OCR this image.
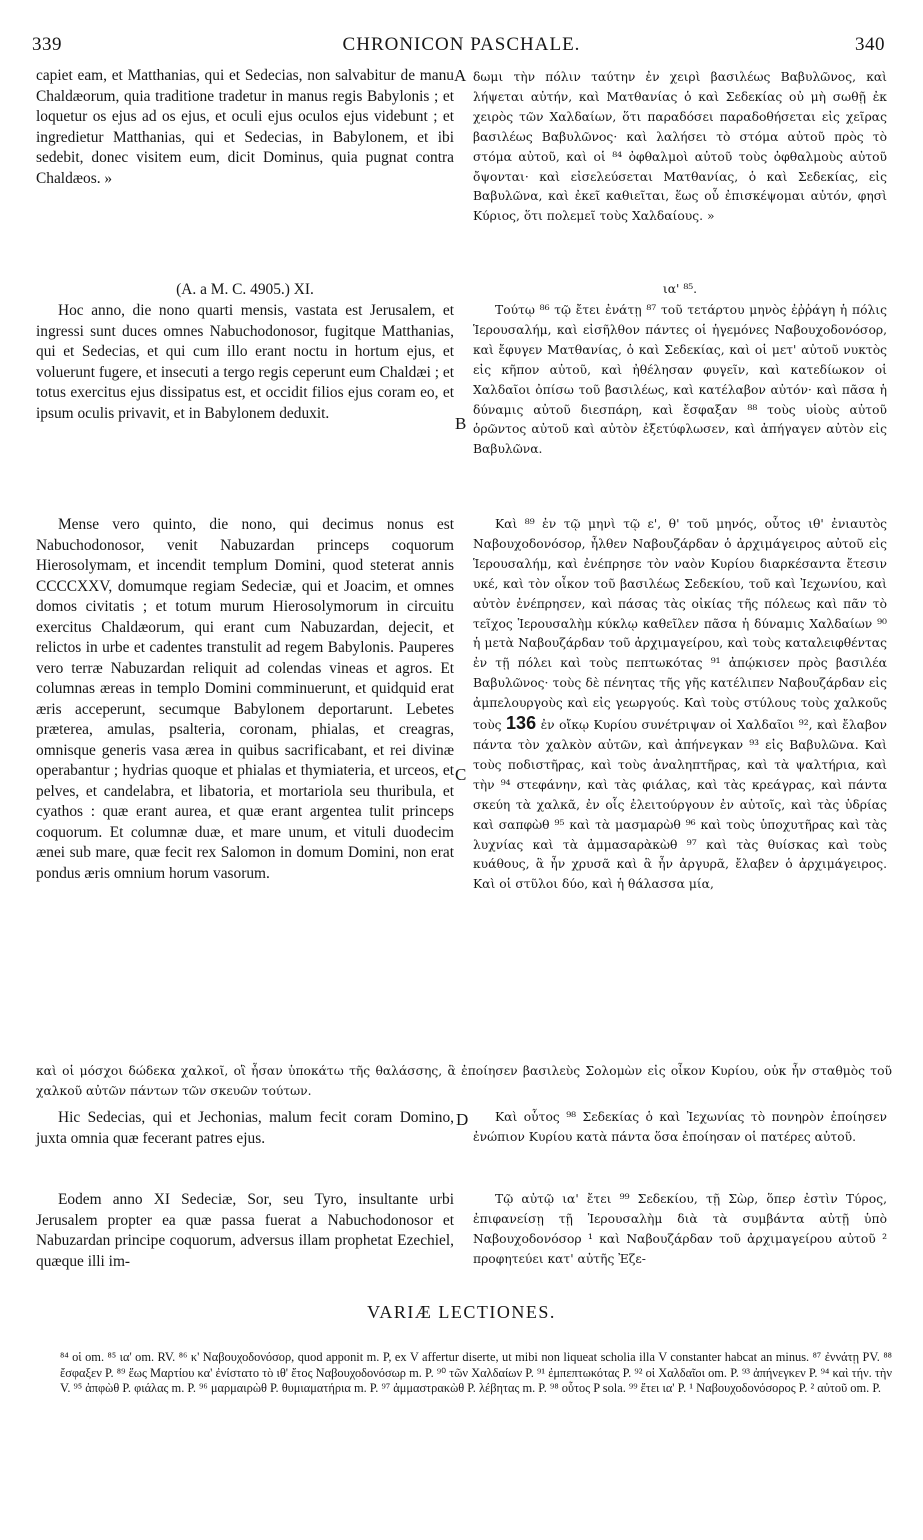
339	CHRONICON PASCHALE.	340

capiet eam, et Matthanias, qui et Sedecias, non salvabitur de manu Chaldæorum, quia traditione tradetur in manus regis Babylonis ; et loquetur os ejus ad os ejus, et oculi ejus oculos ejus videbunt ; et ingredietur Matthanias, qui et Sedecias, in Babylonem, et ibi sedebit, donec visitem eum, dicit Dominus, quia pugnat contra Chaldæos. »

A δωμι τὴν πόλιν ταύτην ἐν χειρὶ βασιλέως Βαβυλῶνος, καὶ λήψεται αὐτήν, καὶ Ματθανίας ὁ καὶ Σεδεκίας οὐ μὴ σωθῇ ἐκ χειρὸς τῶν Χαλδαίων, ὅτι παραδόσει παραδοθήσεται εἰς χεῖρας βασιλέως Βαβυλῶνος· καὶ λαλήσει τὸ στόμα αὐτοῦ πρὸς τὸ στόμα αὐτοῦ, καὶ οἱ ⁸⁴ ὀφθαλμοὶ αὐτοῦ τοὺς ὀφθαλμοὺς αὐτοῦ ὄψονται· καὶ εἰσελεύσεται Ματθανίας, ὁ καὶ Σεδεκίας, εἰς Βαβυλῶνα, καὶ ἐκεῖ καθιεῖται, ἕως οὗ ἐπισκέψομαι αὐτόν, φησὶ Κύριος, ὅτι πολεμεῖ τοὺς Χαλδαίους. »

(A. a M. C. 4905.) XI.	ια' ⁸⁵.

Hoc anno, die nono quarti mensis, vastata est Jerusalem, et ingressi sunt duces omnes Nabuchodonosor, fugitque Matthanias, qui et Sedecias, et qui cum illo erant noctu in hortum ejus, et voluerunt fugere, et insecuti a tergo regis ceperunt eum Chaldæi ; et totus exercitus ejus dissipatus est, et occidit filios ejus coram eo, et ipsum oculis privavit, et in Babylonem deduxit.

B

Τούτῳ ⁸⁶ τῷ ἔτει ἐνάτῃ ⁸⁷ τοῦ τετάρτου μηνὸς ἐῤῥάγη ἡ πόλις Ἱερουσαλήμ, καὶ εἰσῆλθον πάντες οἱ ἡγεμόνες Ναβουχοδονόσορ, καὶ ἔφυγεν Ματθανίας, ὁ καὶ Σεδεκίας, καὶ οἱ μετ' αὐτοῦ νυκτὸς εἰς κῆπον αὐτοῦ, καὶ ἠθέλησαν φυγεῖν, καὶ κατεδίωκον οἱ Χαλδαῖοι ὀπίσω τοῦ βασιλέως, καὶ κατέλαβον αὐτόν· καὶ πᾶσα ἡ δύναμις αὐτοῦ διεσπάρη, καὶ ἔσφαξαν ⁸⁸ τοὺς υἱοὺς αὐτοῦ ὁρῶντος αὐτοῦ καὶ αὐτὸν ἐξετύφλωσεν, καὶ ἀπήγαγεν αὐτὸν εἰς Βαβυλῶνα.

Mense vero quinto, die nono, qui decimus nonus est Nabuchodonosor, venit Nabuzardan princeps coquorum Hierosolymam, et incendit templum Domini, quod steterat annis CCCCXXV, domumque regiam Sedeciæ, qui et Joacim, et omnes domos civitatis ; et totum murum Hierosolymorum in circuitu exercitus Chaldæorum, qui erant cum Nabuzardan, dejecit, et relictos in urbe et cadentes transtulit ad regem Babylonis. Pauperes vero terræ Nabuzardan reliquit ad colendas vineas et agros. Et columnas æreas in templo Domini comminuerunt, et quidquid erat æris acceperunt, secumque Babylonem deportarunt. Lebetes præterea, amulas, psalteria, coronam, phialas, et creagras, omnisque generis vasa ærea in quibus sacrificabant, et rei divinæ operabantur ; hydrias quoque et phialas et thymiateria, et urceos, et pelves, et candelabra, et libatoria, et mortariola seu thuribula, et cyathos : quæ erant aurea, et quæ erant argentea tulit princeps coquorum. Et columnæ duæ, et mare unum, et vituli duodecim ænei sub mare, quæ fecit rex Salomon in domum Domini, non erat pondus æris omnium horum vasorum.

C

Καὶ ⁸⁹ ἐν τῷ μηνὶ τῷ ε', θ' τοῦ μηνός, οὗτος ιθ' ἐνιαυτὸς Ναβουχοδονόσορ, ἦλθεν Ναβουζάρδαν ὁ ἀρχιμάγειρος αὐτοῦ εἰς Ἱερουσαλήμ, καὶ ἐνέπρησε τὸν ναὸν Κυρίου διαρκέσαντα ἔτεσιν υκέ, καὶ τὸν οἶκον τοῦ βασιλέως Σεδεκίου, τοῦ καὶ Ἰεχωνίου, καὶ αὐτὸν ἐνέπρησεν, καὶ πάσας τὰς οἰκίας τῆς πόλεως καὶ πᾶν τὸ τεῖχος Ἱερουσαλὴμ κύκλῳ καθεῖλεν πᾶσα ἡ δύναμις Χαλδαίων ⁹⁰ ἡ μετὰ Ναβουζάρδαν τοῦ ἀρχιμαγείρου, καὶ τοὺς καταλειφθέντας ἐν τῇ πόλει καὶ τοὺς πεπτωκότας ⁹¹ ἀπῴκισεν πρὸς βασιλέα Βαβυλῶνος· τοὺς δὲ πένητας τῆς γῆς κατέλιπεν Ναβουζάρδαν εἰς ἀμπελουργοὺς καὶ εἰς γεωργούς. Καὶ τοὺς στύλους τοὺς χαλκοῦς τοὺς 136 ἐν οἴκῳ Κυρίου συνέτριψαν οἱ Χαλδαῖοι ⁹², καὶ ἔλαβον πάντα τὸν χαλκὸν αὐτῶν, καὶ ἀπήνεγκαν ⁹³ εἰς Βαβυλῶνα. Καὶ τοὺς ποδιστῆρας, καὶ τοὺς ἀναληπτῆρας, καὶ τὰ ψαλτήρια, καὶ τὴν ⁹⁴ στεφάνην, καὶ τὰς φιάλας, καὶ τὰς κρεάγρας, καὶ πάντα σκεύη τὰ χαλκᾶ, ἐν οἷς ἐλειτούργουν ἐν αὐτοῖς, καὶ τὰς ὑδρίας καὶ σαπφὼθ ⁹⁵ καὶ τὰ μασμαρὼθ ⁹⁶ καὶ τοὺς ὑποχυτῆρας καὶ τὰς λυχνίας καὶ τὰ ἀμμασαρὰκὼθ ⁹⁷ καὶ τὰς θυίσκας καὶ τοὺς κυάθους, ἃ ἦν χρυσᾶ καὶ ἃ ἦν ἀργυρᾶ, ἔλαβεν ὁ ἀρχιμάγειρος. Καὶ οἱ στῦλοι δύο, καὶ ἡ θάλασσα μία,

καὶ οἱ μόσχοι δώδεκα χαλκοῖ, οἳ ἦσαν ὑποκάτω τῆς θαλάσσης, ἃ ἐποίησεν βασιλεὺς Σολομὼν εἰς οἶκον Κυρίου, οὐκ ἦν σταθμὸς τοῦ χαλκοῦ αὐτῶν πάντων τῶν σκευῶν τούτων.

Hic Sedecias, qui et Jechonias, malum fecit coram Domino, juxta omnia quæ fecerant patres ejus.

D	Καὶ οὗτος ⁹⁸ Σεδεκίας ὁ καὶ Ἰεχωνίας τὸ πονηρὸν ἐποίησεν ἐνώπιον Κυρίου κατὰ πάντα ὅσα ἐποίησαν οἱ πατέρες αὐτοῦ.

Eodem anno XI Sedeciæ, Sor, seu Tyro, insultante urbi Jerusalem propter ea quæ passa fuerat a Nabuchodonosor et Nabuzardan principe coquorum, adversus illam prophetat Ezechiel, quæque illi im-

Τῷ αὐτῷ ια' ἔτει ⁹⁹ Σεδεκίου, τῇ Σὼρ, ὅπερ ἐστὶν Τύρος, ἐπιφανείσῃ τῇ Ἱερουσαλὴμ διὰ τὰ συμβάντα αὐτῇ ὑπὸ Ναβουχοδονόσορ ¹ καὶ Ναβουζάρδαν τοῦ ἀρχιμαγείρου αὐτοῦ ² προφητεύει κατ' αὐτῆς Ἐζε-

VARIÆ LECTIONES.

⁸⁴ οἱ om. ⁸⁵ ια' om. RV. ⁸⁶ κ' Ναβουχοδονόσορ, quod apponit m. P, ex V affertur diserte, ut mibi non liqueat scholia illa V constanter habcat an minus. ⁸⁷ ἐννάτῃ PV. ⁸⁸ ἔσφαξεν P. ⁸⁹ ἕως Μαρτίου κα' ἐνίστατο τὸ ιθ' ἔτος Ναβουχοδονόσωρ m. P. ⁹⁰ τῶν Χαλδαίων P. ⁹¹ ἐμπεπτωκότας P. ⁹² οἱ Χαλδαῖοι om. P. ⁹³ ἀπήνεγκεν P. ⁹⁴ καὶ τήν. τὴν V. ⁹⁵ ἀπφὼθ P. φιάλας m. P. ⁹⁶ μαρμαιρὼθ P. θυμιαματήρια m. P. ⁹⁷ ἀμμαστρακὼθ P. λέβητας m. P. ⁹⁸ οὗτος P sola. ⁹⁹ ἔτει ια' P. ¹ Ναβουχοδονόσορος P. ² αὐτοῦ om. P.
